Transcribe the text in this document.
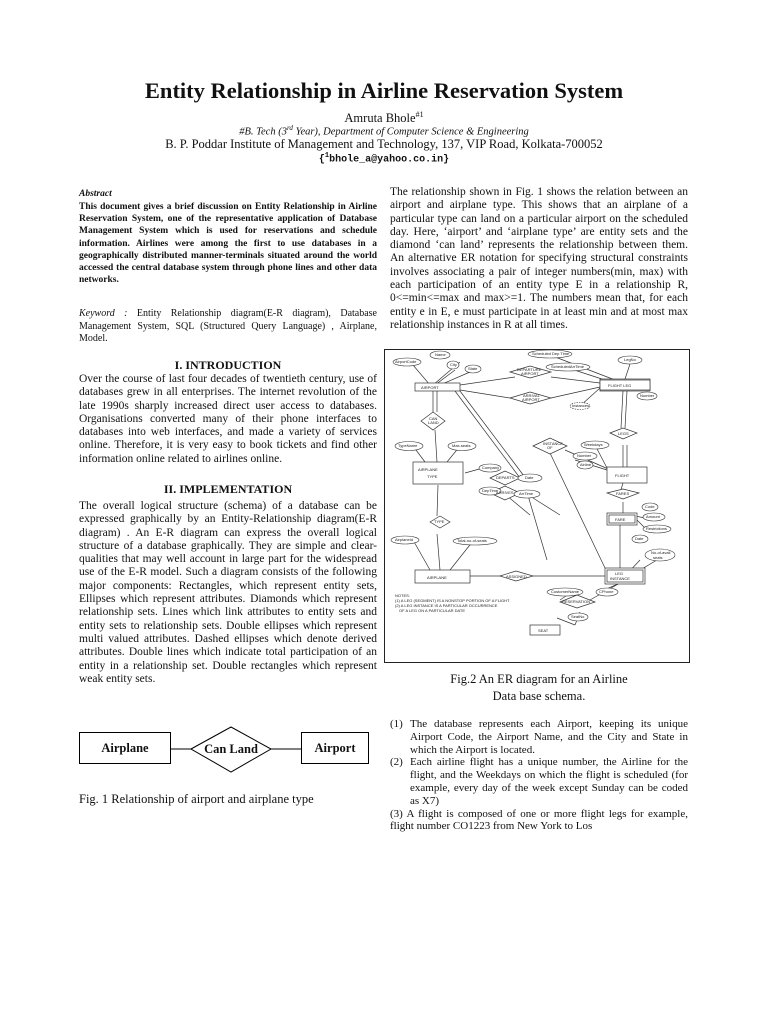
Entity Relationship in Airline Reservation System
Amruta Bhole$^{\#1}$
#B. Tech (3rd Year), Department of Computer Science & Engineering
B. P. Poddar Institute of Management and Technology, 137, VIP Road, Kolkata-700052
{$^1$bhole_a@yahoo.co.in}
Abstract
This document gives a brief discussion on Entity Relationship in Airline Reservation System, one of the representative application of Database Management System which is used for reservations and schedule information. Airlines were among the first to use databases in a geographically distributed manner-terminals situated around the world accessed the central database system through phone lines and other data networks.
Keyword : Entity Relationship diagram(E-R diagram), Database Management System, SQL (Structured Query Language) , Airplane, Model.
I. INTRODUCTION
Over the course of last four decades of twentieth century, use of databases grew in all enterprises. The internet revolution of the late 1990s sharply increased direct user access to databases. Organisations converted many of their phone interfaces to databases into web interfaces, and made a variety of services online. Therefore, it is very easy to book tickets and find other information online related to airlines online.
II. IMPLEMENTATION
The overall logical structure (schema) of a database can be expressed graphically by an Entity-Relationship diagram(E-R diagram) . An E-R diagram can express the overall logical structure of a database graphically. They are simple and clear-qualities that may well account in large part for the widespread use of the E-R model. Such a diagram consists of the following major components: Rectangles, which represent entity sets, Ellipses which represent attributes. Diamonds which represent relationship sets. Lines which link attributes to entity sets and entity sets to relationship sets. Double ellipses which represent multi valued attributes. Dashed ellipses which denote derived attributes. Double lines which indicate total participation of an entity in a relationship set. Double rectangles which represent weak entity sets.
Airplane	Can Land	Airport
Fig. 1 Relationship of airport and airplane type
The relationship shown in Fig. 1 shows the relation between an airport and airplane type. This shows that an airplane of a particular type can land on a particular airport on the scheduled day. Here, ‘airport’ and ‘airplane type’ are entity sets and the diamond ‘can land’ represents the relationship between them. An alternative ER notation for specifying structural constraints involves associating a pair of integer numbers(min, max) with each participation of an entity type E in a relationship R, 0<=min<=max and max>=1. The numbers mean that, for each entity e in E, e must participate in at least min and at most max relationship instances in R at all times.
AIRPORT	FLIGHT LEG
AIRPLANE
TYPE	FLIGHT
FARE
AIRPLANE
LEG
INSTANCE
SEAT
DEPARTURE
AIRPORT
ARRIVAL
AIRPORT
CAN
LAND
INSTANCE
OF
LEGS
DEPARTS
ARRIVES
TYPE
FARES
ASSIGNED
RESERVATION
Name
AirportCode
City
State
Scheduled Dep Time
ScheduledArrTime
LegNo
Number
Instances
Weekdays
Number
Airline
TypeName	Max-seats
Company
DepTime
ArrTime
Date
Code
Amount
Restrictions
AirplaneId	Total-no-of-seats	Date
No-of-avail
seats
CustomerName	CPhone
SeatNo
NOTES:
(1) A LEG (SEGMENT) IS A NONSTOP PORTION OF A FLIGHT
(2) A LEG INSTANCE IS A PARTICULAR OCCURRENCE
OF A LEG ON A PARTICULAR DATE
Fig.2 An ER diagram for an Airline
Data base schema.
(1) The database represents each Airport, keeping its unique Airport Code, the Airport Name, and the City and State in which the Airport is located.
(2) Each airline flight has a unique number, the Airline for the flight, and the Weekdays on which the flight is scheduled (for example, every day of the week except Sunday can be coded as X7)
(3) A flight is composed of one or more flight legs for example, flight number CO1223 from New York to Los
